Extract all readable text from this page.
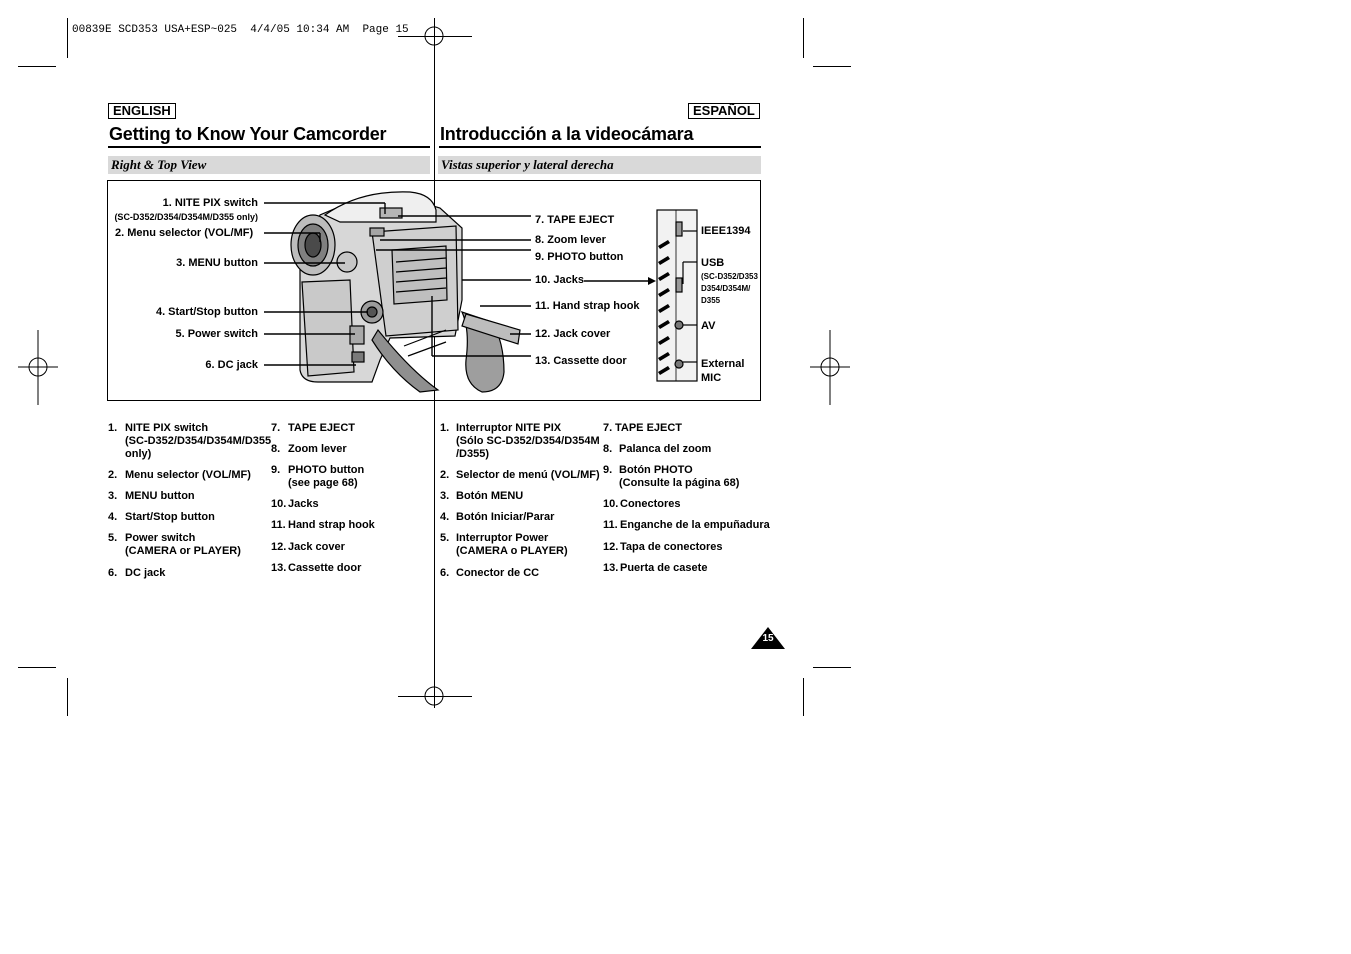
00839E SCD353 USA+ESP~025  4/4/05 10:34 AM  Page 15
ENGLISH	ESPAÑOL
Getting to Know Your Camcorder	Introducción a la videocámara
Right & Top View	Vistas superior y lateral derecha
1. NITE PIX switch
(SC-D352/D354/D354M/D355 only)
2. Menu selector (VOL/MF)
3. MENU button
4. Start/Stop button
5. Power switch
6. DC jack
7. TAPE EJECT
8. Zoom lever
9. PHOTO button
10. Jacks
11. Hand strap hook
12. Jack cover
13. Cassette door
IEEE1394
USB
(SC-D352/D353
D354/D354M/
D355
AV
External
MIC
1. NITE PIX switch
(SC-D352/D354/D354M/D355
only)
2. Menu selector (VOL/MF)
3. MENU button
4. Start/Stop button
5. Power switch
(CAMERA or PLAYER)
6. DC jack
7. TAPE EJECT
8. Zoom lever
9. PHOTO button
(see page 68)
10. Jacks
11. Hand strap hook
12. Jack cover
13. Cassette door
1. Interruptor NITE PIX
(Sólo SC-D352/D354/D354M
/D355)
2. Selector de menú (VOL/MF)
3. Botón MENU
4. Botón Iniciar/Parar
5. Interruptor Power
(CAMERA o PLAYER)
6. Conector de CC
7. TAPE EJECT
8. Palanca del zoom
9. Botón PHOTO
(Consulte la página 68)
10. Conectores
11. Enganche de la empuñadura
12. Tapa de conectores
13. Puerta de casete
15
